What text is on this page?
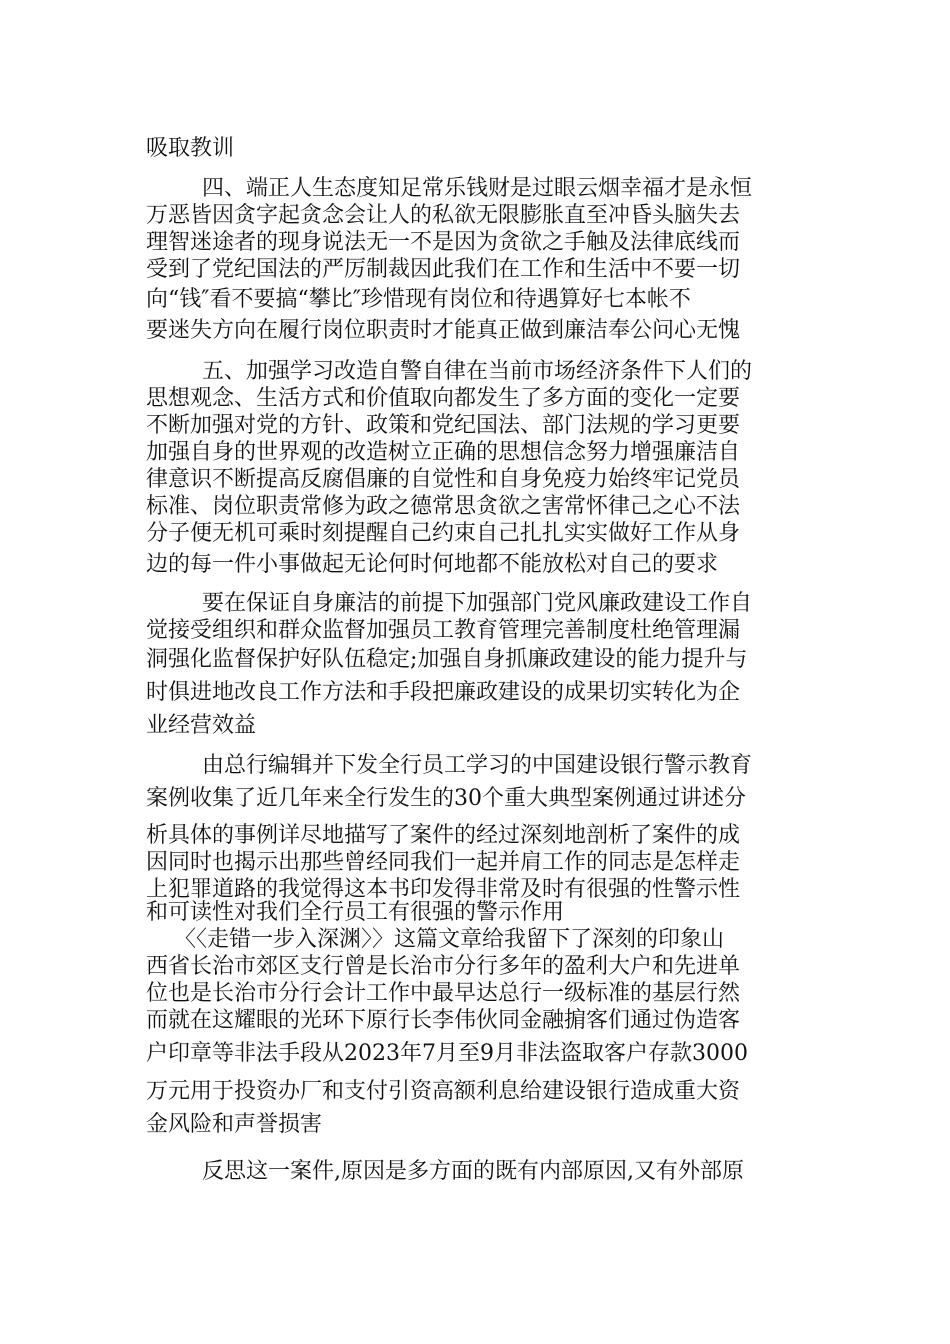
吸取教训
四、端正人生态度知足常乐钱财是过眼云烟幸福才是永恒
万恶皆因贪字起贪念会让人的私欲无限膨胀直至冲昏头脑失去
理智迷途者的现身说法无一不是因为贪欲之手触及法律底线而
受到了党纪国法的严厉制裁因此我们在工作和生活中不要一切
向“钱″看不要搞“攀比″珍惜现有岗位和待遇算好七本帐不
要迷失方向在履行岗位职责时才能真正做到廉洁奉公问心无愧
五、加强学习改造自警自律在当前市场经济条件下人们的
思想观念、生活方式和价值取向都发生了多方面的变化一定要
不断加强对党的方针、政策和党纪国法、部门法规的学习更要
加强自身的世界观的改造树立正确的思想信念努力增强廉洁自
律意识不断提高反腐倡廉的自觉性和自身免疫力始终牢记党员
标准、岗位职责常修为政之德常思贪欲之害常怀律己之心不法
分子便无机可乘时刻提醒自己约束自己扎扎实实做好工作从身
边的每一件小事做起无论何时何地都不能放松对自己的要求
要在保证自身廉洁的前提下加强部门党风廉政建设工作自
觉接受组织和群众监督加强员工教育管理完善制度杜绝管理漏
洞强化监督保护好队伍稳定;加强自身抓廉政建设的能力提升与
时俱进地改良工作方法和手段把廉政建设的成果切实转化为企
业经营效益
由总行编辑并下发全行员工学习的中国建设银行警示教育
案例收集了近几年来全行发生的30个重大典型案例通过讲述分
析具体的事例详尽地描写了案件的经过深刻地剖析了案件的成
因同时也揭示出那些曾经同我们一起并肩工作的同志是怎样走
上犯罪道路的我觉得这本书印发得非常及时有很强的性警示性
和可读性对我们全行员工有很强的警示作用
〈〈走错一步入深渊〉〉这篇文章给我留下了深刻的印象山
西省长治市郊区支行曾是长治市分行多年的盈利大户和先进单
位也是长治市分行会计工作中最早达总行一级标准的基层行然
而就在这耀眼的光环下原行长李伟伙同金融掮客们通过伪造客
户印章等非法手段从2023年7月至9月非法盗取客户存款3000
万元用于投资办厂和支付引资高额利息给建设银行造成重大资
金风险和声誉损害
反思这一案件,原因是多方面的既有内部原因,又有外部原
